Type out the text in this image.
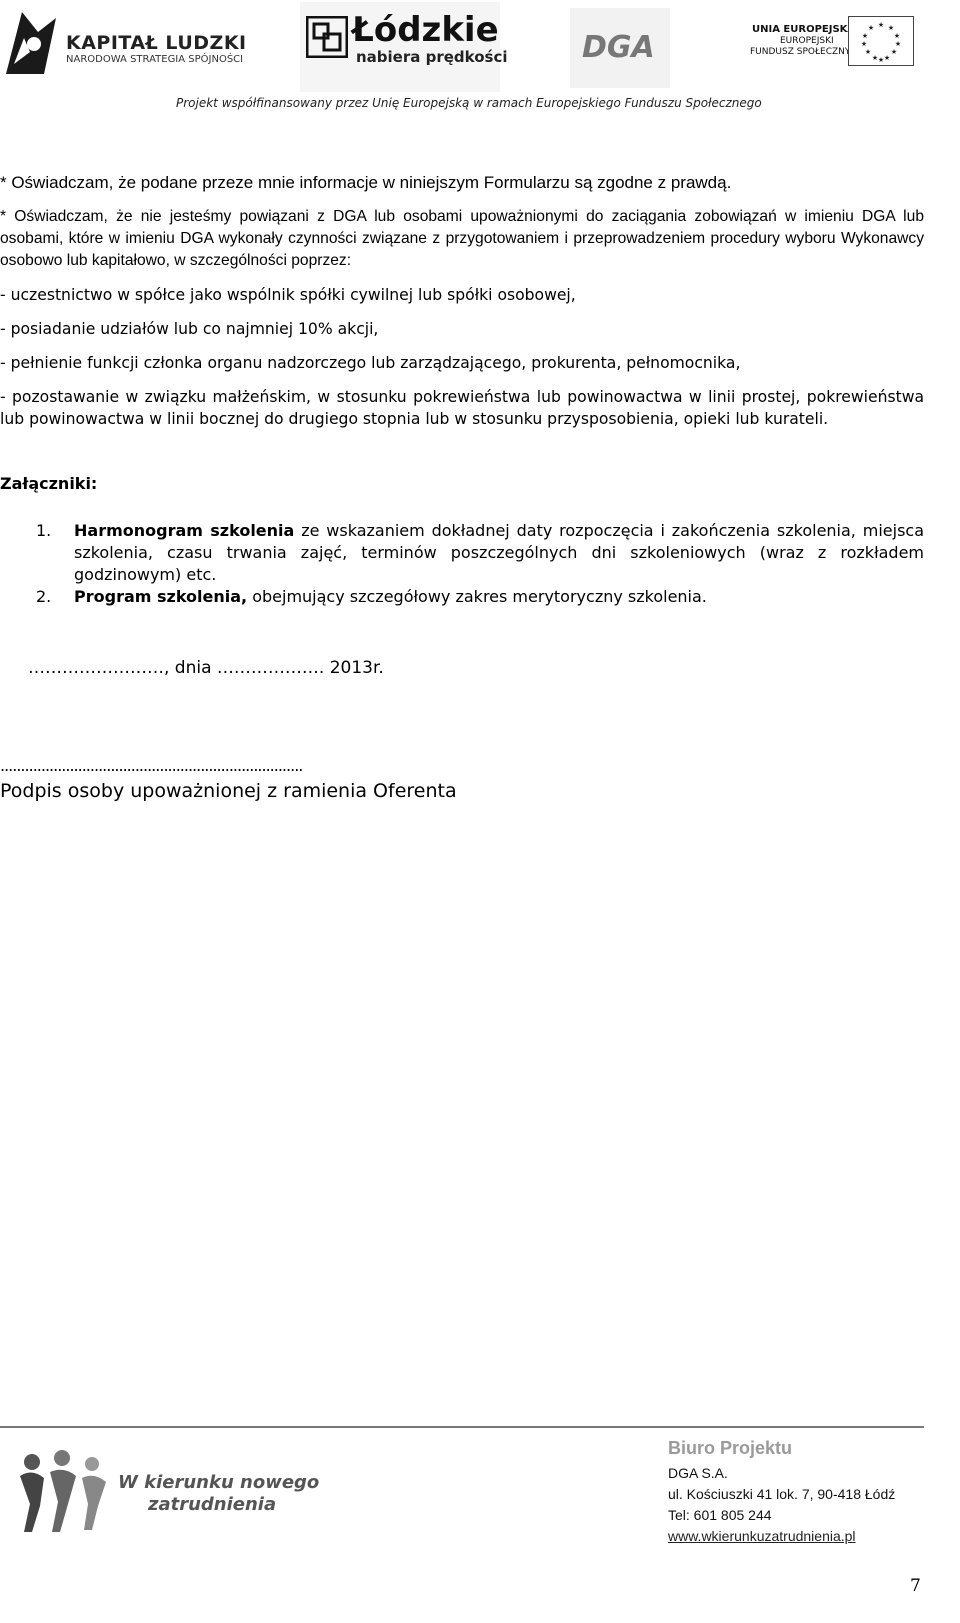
KAPITAŁ LUDZKI
NARODOWA STRATEGIA SPÓJNOŚCI
Łódzkie
nabiera prędkości DGA
UNIA EUROPEJSKA
EUROPEJSKI
FUNDUSZ SPOŁECZNY
★ ★
★
★
★
★
★
★
★
★
★
★
Projekt współfinansowany przez Unię Europejską w ramach Europejskiego Funduszu Społecznego

* Oświadczam, że podane przeze mnie informacje w niniejszym Formularzu są zgodne z prawdą.

* Oświadczam, że nie jesteśmy powiązani z DGA lub osobami upoważnionymi do zaciągania zobowiązań w imieniu DGA lub osobami, które w imieniu DGA wykonały czynności związane z przygotowaniem i przeprowadzeniem procedury wyboru Wykonawcy osobowo lub kapitałowo, w szczególności poprzez:

- uczestnictwo w spółce jako wspólnik spółki cywilnej lub spółki osobowej,

- posiadanie udziałów lub co najmniej 10% akcji,

- pełnienie funkcji członka organu nadzorczego lub zarządzającego, prokurenta, pełnomocnika,

- pozostawanie w związku małżeńskim, w stosunku pokrewieństwa lub powinowactwa w linii prostej, pokrewieństwa lub powinowactwa w linii bocznej do drugiego stopnia lub w stosunku przysposobienia, opieki lub kurateli.

Załączniki:
1. Harmonogram szkolenia ze wskazaniem dokładnej daty rozpoczęcia i zakończenia szkolenia, miejsca szkolenia, czasu trwania zajęć, terminów poszczególnych dni szkoleniowych (wraz z rozkładem godzinowym) etc.
2. Program szkolenia, obejmujący szczegółowy zakres merytoryczny szkolenia.
……………………, dnia ………………. 2013r.
..........................................................................
Podpis osoby upoważnionej z ramienia Oferenta
W kierunku nowego
zatrudnienia
Biuro Projektu
DGA S.A.
ul. Kościuszki 41 lok. 7, 90-418 Łódź
Tel: 601 805 244
www.wkierunkuzatrudnienia.pl
7
